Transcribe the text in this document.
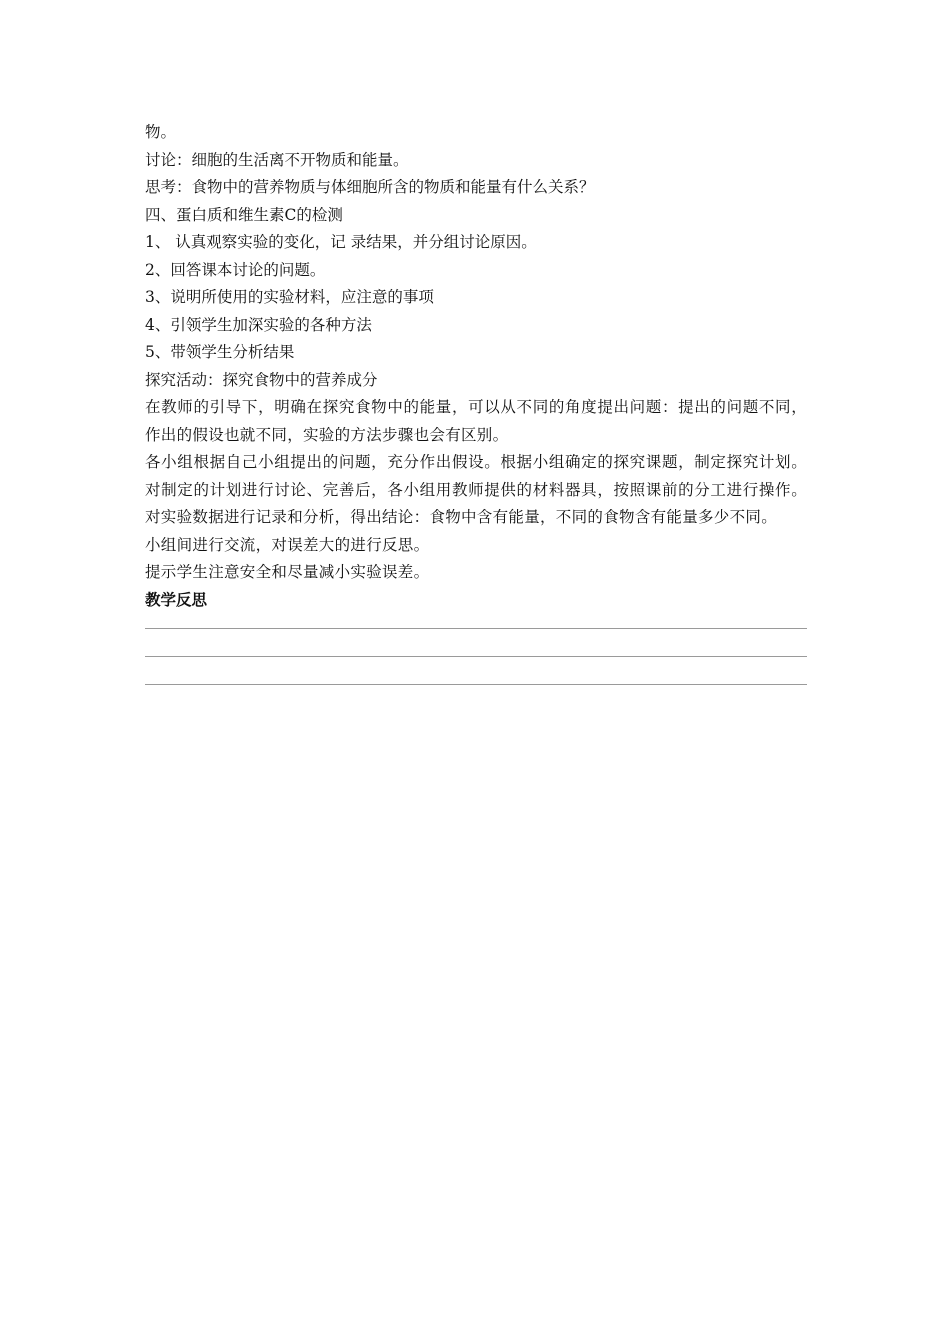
物。

讨论：细胞的生活离不开物质和能量。

思考：食物中的营养物质与体细胞所含的物质和能量有什么关系？

四、蛋白质和维生素C的检测

1、 认真观察实验的变化，记 录结果，并分组讨论原因。

2、回答课本讨论的问题。

3、说明所使用的实验材料，应注意的事项

4、引领学生加深实验的各种方法

5、带领学生分析结果

探究活动：探究食物中的营养成分

在教师的引导下，明确在探究食物中的能量，可以从不同的角度提出问题：提出的问题不同，作出的假设也就不同，实验的方法步骤也会有区别。

各小组根据自己小组提出的问题，充分作出假设。根据小组确定的探究课题，制定探究计划。对制定的计划进行讨论、完善后，各小组用教师提供的材料器具，按照课前的分工进行操作。对实验数据进行记录和分析，得出结论：食物中含有能量，不同的食物含有能量多少不同。

小组间进行交流，对误差大的进行反思。

提示学生注意安全和尽量减小实验误差。

教学反思
